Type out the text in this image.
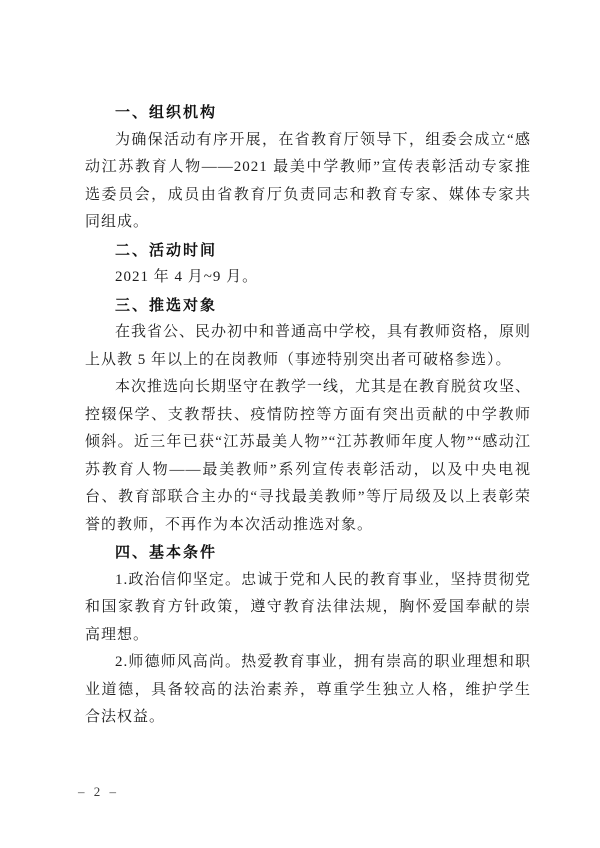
一、组织机构

为确保活动有序开展，在省教育厅领导下，组委会成立“感动江苏教育人物——2021 最美中学教师”宣传表彰活动专家推选委员会，成员由省教育厅负责同志和教育专家、媒体专家共同组成。

二、活动时间

2021 年 4 月~9 月。

三、推选对象

在我省公、民办初中和普通高中学校，具有教师资格，原则上从教 5 年以上的在岗教师（事迹特别突出者可破格参选）。

本次推选向长期坚守在教学一线，尤其是在教育脱贫攻坚、控辍保学、支教帮扶、疫情防控等方面有突出贡献的中学教师倾斜。近三年已获“江苏最美人物”“江苏教师年度人物”“感动江苏教育人物——最美教师”系列宣传表彰活动，以及中央电视台、教育部联合主办的“寻找最美教师”等厅局级及以上表彰荣誉的教师，不再作为本次活动推选对象。

四、基本条件

1.政治信仰坚定。忠诚于党和人民的教育事业，坚持贯彻党和国家教育方针政策，遵守教育法律法规，胸怀爱国奉献的崇高理想。

2.师德师风高尚。热爱教育事业，拥有崇高的职业理想和职业道德，具备较高的法治素养，尊重学生独立人格，维护学生合法权益。

– 2 –
